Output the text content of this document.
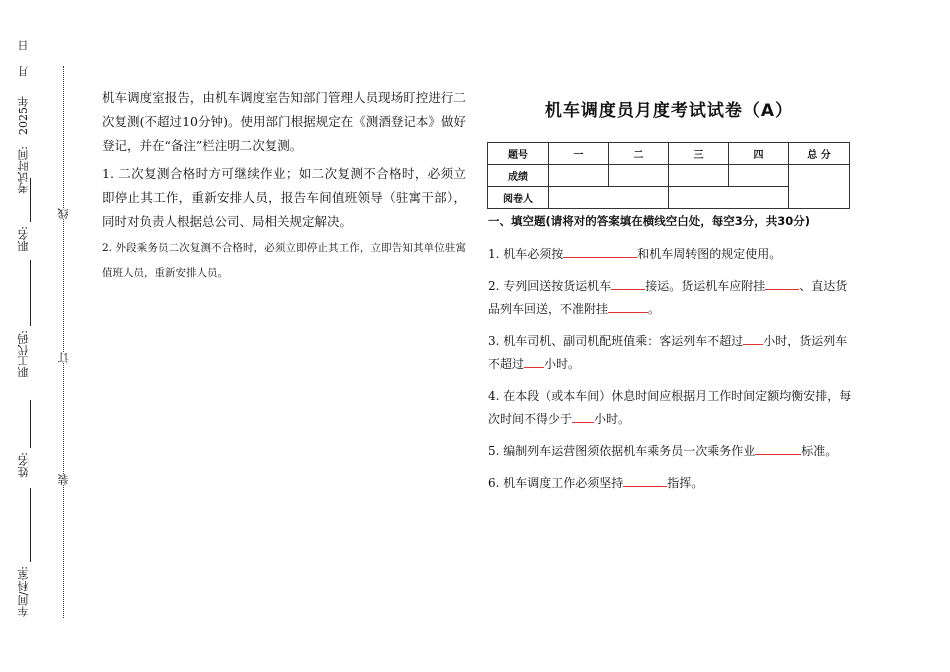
车间/科室:
姓名:
职工代码:
职名:
考试时间:
2025年
月
日
装
订
线

机车调度室报告，由机车调度室告知部门管理人员现场盯控进行二次复测(不超过10分钟)。使用部门根据规定在《测酒登记本》做好登记，并在“备注”栏注明二次复测。

1. 二次复测合格时方可继续作业；如二次复测不合格时，必须立即停止其工作，重新安排人员，报告车间值班领导（驻寓干部），同时对负责人根据总公司、局相关规定解决。

2. 外段乘务员二次复测不合格时，必须立即停止其工作，立即告知其单位驻寓值班人员，重新安排人员。

机车调度员月度考试试卷（A）
题号	一	二	三	四	总 分
成绩					
阅卷人					

一、填空题(请将对的答案填在横线空白处，每空3分，共30分)

1. 机车必须按	和机车周转图的规定使用。

2. 专列回送按货运机车	接运。货运机车应附挂	、直达货品列车回送，不准附挂	。

3. 机车司机、副司机配班值乘：客运列车不超过 小时，货运列车不超过 小时。

4. 在本段（或本车间）休息时间应根据月工作时间定额均衡安排，每次时间不得少于 小时。

5. 编制列车运营图须依据机车乘务员一次乘务作业	标准。

6. 机车调度工作必须坚持	指挥。
